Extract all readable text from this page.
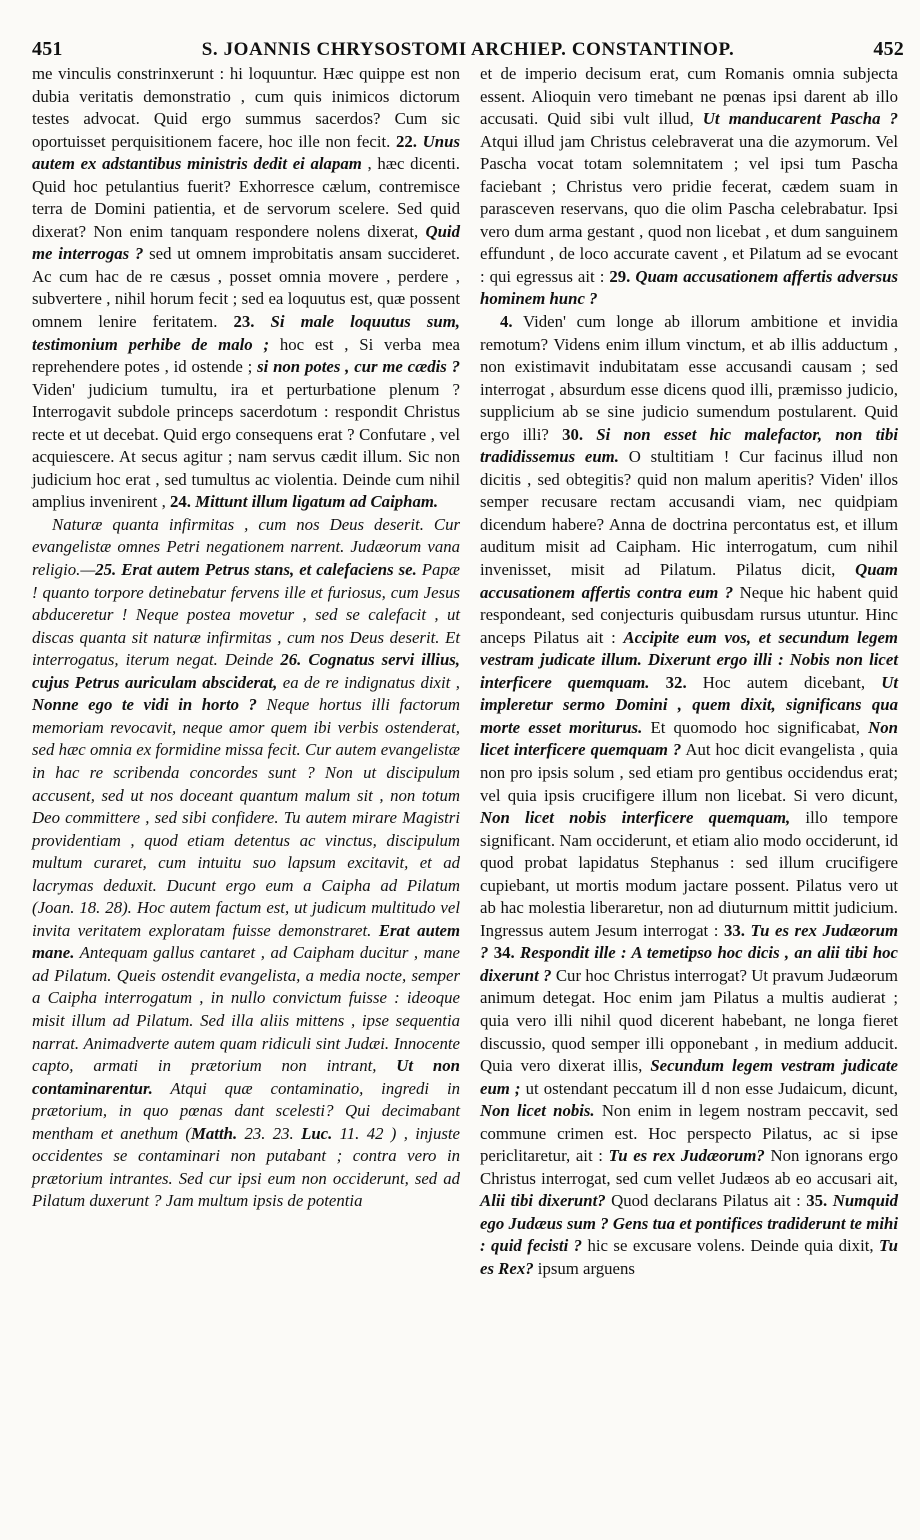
451	S. JOANNIS CHRYSOSTOMI ARCHIEP. CONSTANTINOP.	452

me vinculis constrinxerunt : hi loquuntur. Hæc quippe est non dubia veritatis demonstratio , cum quis inimicos dictorum testes advocat. Quid ergo summus sacerdos? Cum sic oportuisset perquisitionem facere, hoc ille non fecit. 22. Unus autem ex adstantibus ministris dedit ei alapam , hæc dicenti. Quid hoc petulantius fuerit? Exhorresce cælum, contremisce terra de Domini patientia, et de servorum scelere. Sed quid dixerat? Non enim tanquam respondere nolens dixerat, Quid me interrogas ? sed ut omnem improbitatis ansam succideret. Ac cum hac de re cæsus , posset omnia movere , perdere , subvertere , nihil horum fecit ; sed ea loquutus est, quæ possent omnem lenire feritatem. 23. Si male loquutus sum, testimonium perhibe de malo ; hoc est , Si verba mea reprehendere potes , id ostende ; si non potes , cur me cædis ? Viden' judicium tumultu, ira et perturbatione plenum ? Interrogavit subdole princeps sacerdotum : respondit Christus recte et ut decebat. Quid ergo consequens erat ? Confutare , vel acquiescere. At secus agitur ; nam servus cædit illum. Sic non judicium hoc erat , sed tumultus ac violentia. Deinde cum nihil amplius invenirent , 24. Mittunt illum ligatum ad Caipham.

Naturæ quanta infirmitas , cum nos Deus deserit. Cur evangelistæ omnes Petri negationem narrent. Judæorum vana religio.—25. Erat autem Petrus stans, et calefaciens se. Papæ ! quanto torpore detinebatur fervens ille et furiosus, cum Jesus abduceretur ! Neque postea movetur , sed se calefacit , ut discas quanta sit naturæ infirmitas , cum nos Deus deserit. Et interrogatus, iterum negat. Deinde 26. Cognatus servi illius, cujus Petrus auriculam absciderat, ea de re indignatus dixit , Nonne ego te vidi in horto ? Neque hortus illi factorum memoriam revocavit, neque amor quem ibi verbis ostenderat, sed hæc omnia ex formidine missa fecit. Cur autem evangelistæ in hac re scribenda concordes sunt ? Non ut discipulum accusent, sed ut nos doceant quantum malum sit , non totum Deo committere , sed sibi confidere. Tu autem mirare Magistri providentiam , quod etiam detentus ac vinctus, discipulum multum curaret, cum intuitu suo lapsum excitavit, et ad lacrymas deduxit. Ducunt ergo eum a Caipha ad Pilatum (Joan. 18. 28). Hoc autem factum est, ut judicum multitudo vel invita veritatem exploratam fuisse demonstraret. Erat autem mane. Antequam gallus cantaret , ad Caipham ducitur , mane ad Pilatum. Queis ostendit evangelista, a media nocte, semper a Caipha interrogatum , in nullo convictum fuisse : ideoque misit illum ad Pilatum. Sed illa aliis mittens , ipse sequentia narrat. Animadverte autem quam ridiculi sint Judæi. Innocente capto, armati in prætorium non intrant, Ut non contaminarentur. Atqui quæ contaminatio, ingredi in prætorium, in quo pœnas dant scelesti? Qui decimabant mentham et anethum (Matth. 23. 23. Luc. 11. 42 ) , injuste occidentes se contaminari non putabant ; contra vero in prætorium intrantes. Sed cur ipsi eum non occiderunt, sed ad Pilatum duxerunt ? Jam multum ipsis de potentia

et de imperio decisum erat, cum Romanis omnia subjecta essent. Alioquin vero timebant ne pœnas ipsi darent ab illo accusati. Quid sibi vult illud, Ut manducarent Pascha ? Atqui illud jam Christus celebraverat una die azymorum. Vel Pascha vocat totam solemnitatem ; vel ipsi tum Pascha faciebant ; Christus vero pridie fecerat, cædem suam in parasceven reservans, quo die olim Pascha celebrabatur. Ipsi vero dum arma gestant , quod non licebat , et dum sanguinem effundunt , de loco accurate cavent , et Pilatum ad se evocant : qui egressus ait : 29. Quam accusationem affertis adversus hominem hunc ?

4. Viden' cum longe ab illorum ambitione et invidia remotum? Videns enim illum vinctum, et ab illis adductum , non existimavit indubitatam esse accusandi causam ; sed interrogat , absurdum esse dicens quod illi, præmisso judicio, supplicium ab se sine judicio sumendum postularent. Quid ergo illi? 30. Si non esset hic malefactor, non tibi tradidissemus eum. O stultitiam ! Cur facinus illud non dicitis , sed obtegitis? quid non malum aperitis? Viden' illos semper recusare rectam accusandi viam, nec quidpiam dicendum habere? Anna de doctrina percontatus est, et illum auditum misit ad Caipham. Hic interrogatum, cum nihil invenisset, misit ad Pilatum. Pilatus dicit, Quam accusationem affertis contra eum ? Neque hic habent quid respondeant, sed conjecturis quibusdam rursus utuntur. Hinc anceps Pilatus ait : Accipite eum vos, et secundum legem vestram judicate illum. Dixerunt ergo illi : Nobis non licet interficere quemquam. 32. Hoc autem dicebant, Ut impleretur sermo Domini , quem dixit, significans qua morte esset moriturus. Et quomodo hoc significabat, Non licet interficere quemquam ? Aut hoc dicit evangelista , quia non pro ipsis solum , sed etiam pro gentibus occidendus erat; vel quia ipsis crucifigere illum non licebat. Si vero dicunt, Non licet nobis interficere quemquam, illo tempore significant. Nam occiderunt, et etiam alio modo occiderunt, id quod probat lapidatus Stephanus : sed illum crucifigere cupiebant, ut mortis modum jactare possent. Pilatus vero ut ab hac molestia liberaretur, non ad diuturnum mittit judicium. Ingressus autem Jesum interrogat : 33. Tu es rex Judæorum ? 34. Respondit ille : A temetipso hoc dicis , an alii tibi hoc dixerunt ? Cur hoc Christus interrogat? Ut pravum Judæorum animum detegat. Hoc enim jam Pilatus a multis audierat ; quia vero illi nihil quod dicerent habebant, ne longa fieret discussio, quod semper illi opponebant , in medium adducit. Quia vero dixerat illis, Secundum legem vestram judicate eum ; ut ostendant peccatum ill d non esse Judaicum, dicunt, Non licet nobis. Non enim in legem nostram peccavit, sed commune crimen est. Hoc perspecto Pilatus, ac si ipse periclitaretur, ait : Tu es rex Judæorum? Non ignorans ergo Christus interrogat, sed cum vellet Judæos ab eo accusari ait, Alii tibi dixerunt? Quod declarans Pilatus ait : 35. Numquid ego Judæus sum ? Gens tua et pontifices tradiderunt te mihi : quid fecisti ? hic se excusare volens. Deinde quia dixit, Tu es Rex? ipsum arguens
